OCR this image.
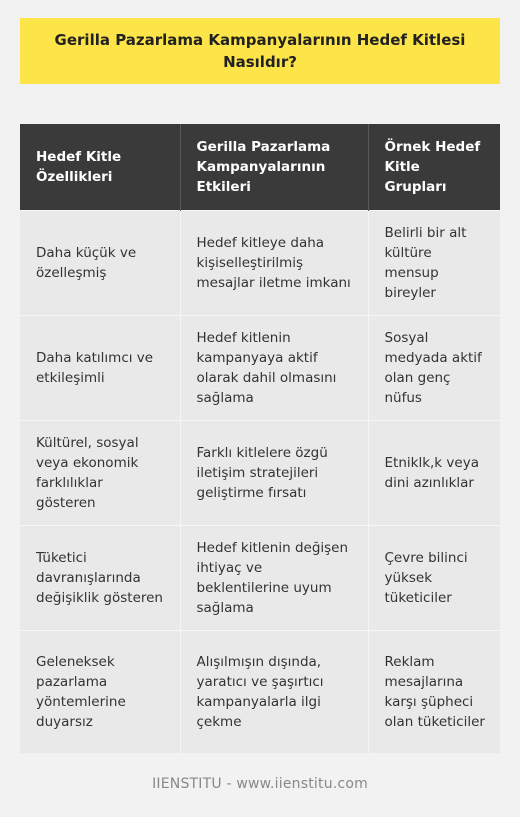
Gerilla Pazarlama Kampanyalarının Hedef Kitlesi Nasıldır?
Hedef Kitle Özellikleri	Gerilla Pazarlama Kampanyalarının Etkileri	Örnek Hedef Kitle Grupları
Daha küçük ve özelleşmiş	Hedef kitleye daha kişiselleştirilmiş mesajlar iletme imkanı	Belirli bir alt kültüre mensup bireyler
Daha katılımcı ve etkileşimli	Hedef kitlenin kampanyaya aktif olarak dahil olmasını sağlama	Sosyal medyada aktif olan genç nüfus
Kültürel, sosyal veya ekonomik farklılıklar gösteren	Farklı kitlelere özgü iletişim stratejileri geliştirme fırsatı	Etniklk,k veya dini azınlıklar
Tüketici davranışlarında değişiklik gösteren	Hedef kitlenin değişen ihtiyaç ve beklentilerine uyum sağlama	Çevre bilinci yüksek tüketiciler
Geleneksek pazarlama yöntemlerine duyarsız	Alışılmışın dışında, yaratıcı ve şaşırtıcı kampanyalarla ilgi çekme	Reklam mesajlarına karşı şüpheci olan tüketiciler
IIENSTITU - www.iienstitu.com
